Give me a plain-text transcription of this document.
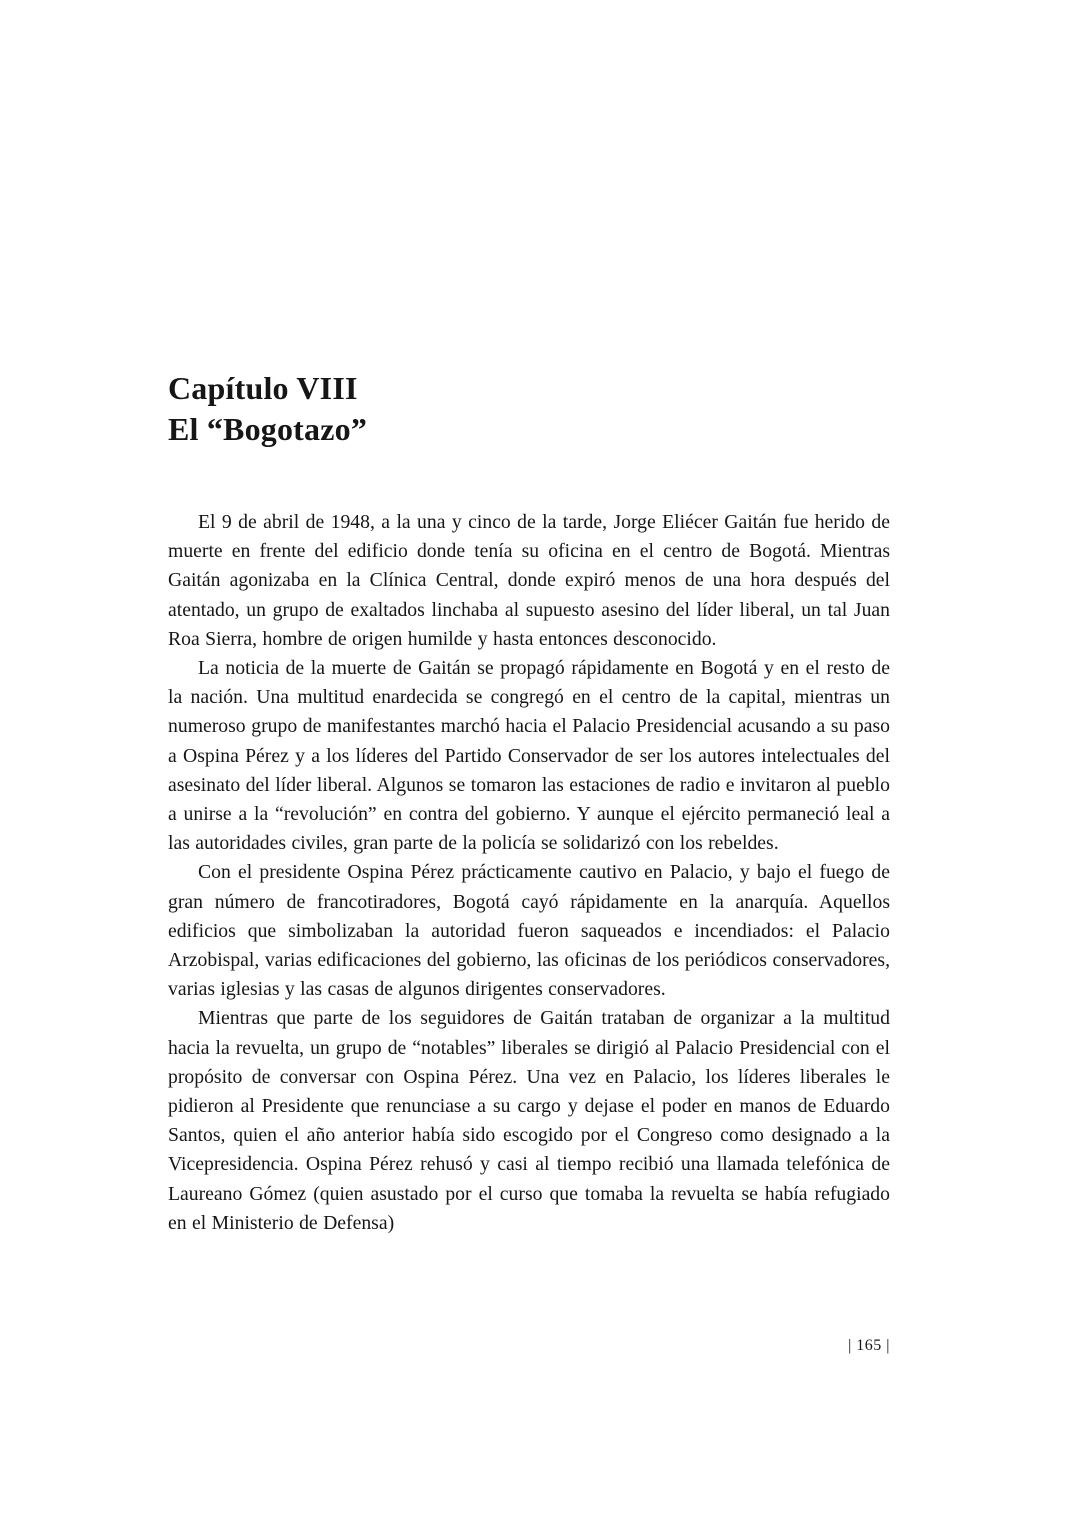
Capítulo VIII
El “Bogotazo”

El 9 de abril de 1948, a la una y cinco de la tarde, Jorge Eliécer Gaitán fue herido de muerte en frente del edificio donde tenía su oficina en el centro de Bogotá. Mientras Gaitán agonizaba en la Clínica Central, donde expiró menos de una hora después del atentado, un grupo de exaltados linchaba al supuesto asesino del líder liberal, un tal Juan Roa Sierra, hombre de origen humilde y hasta entonces desconocido.

La noticia de la muerte de Gaitán se propagó rápidamente en Bogotá y en el resto de la nación. Una multitud enardecida se congregó en el centro de la capital, mientras un numeroso grupo de manifestantes marchó hacia el Palacio Presidencial acusando a su paso a Ospina Pérez y a los líderes del Partido Conservador de ser los autores intelectuales del asesinato del líder liberal. Algunos se tomaron las estaciones de radio e invitaron al pueblo a unirse a la “revolución” en contra del gobierno. Y aunque el ejército permaneció leal a las autoridades civiles, gran parte de la policía se solidarizó con los rebeldes.

Con el presidente Ospina Pérez prácticamente cautivo en Palacio, y bajo el fuego de gran número de francotiradores, Bogotá cayó rápidamente en la anarquía. Aquellos edificios que simbolizaban la autoridad fueron saqueados e incendiados: el Palacio Arzobispal, varias edificaciones del gobierno, las oficinas de los periódicos conservadores, varias iglesias y las casas de algunos dirigentes conservadores.

Mientras que parte de los seguidores de Gaitán trataban de organizar a la multitud hacia la revuelta, un grupo de “notables” liberales se dirigió al Palacio Presidencial con el propósito de conversar con Ospina Pérez. Una vez en Palacio, los líderes liberales le pidieron al Presidente que renunciase a su cargo y dejase el poder en manos de Eduardo Santos, quien el año anterior había sido escogido por el Congreso como designado a la Vicepresidencia. Ospina Pérez rehusó y casi al tiempo recibió una llamada telefónica de Laureano Gómez (quien asustado por el curso que tomaba la revuelta se había refugiado en el Ministerio de Defensa)

| 165 |
